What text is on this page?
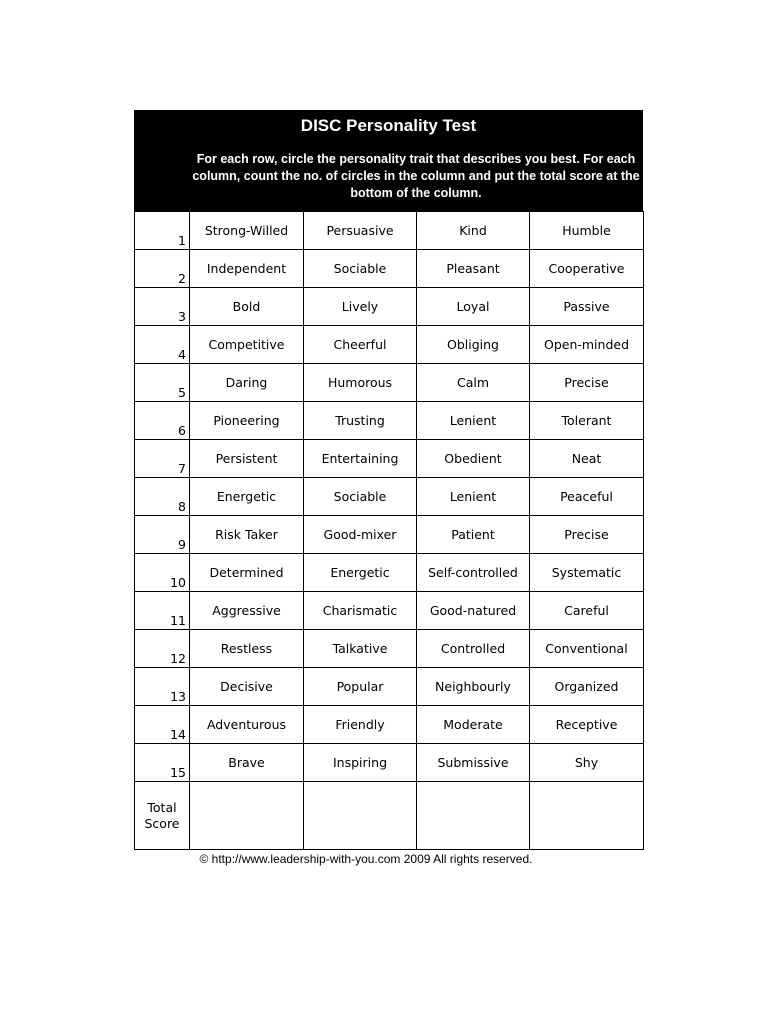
DISC Personality Test
For each row, circle the personality trait that describes you best. For each column, count the no. of circles in the column and put the total score at the bottom of the column.
1	Strong-Willed	Persuasive	Kind	Humble
2	Independent	Sociable	Pleasant	Cooperative
3	Bold	Lively	Loyal	Passive
4	Competitive	Cheerful	Obliging	Open-minded
5	Daring	Humorous	Calm	Precise
6	Pioneering	Trusting	Lenient	Tolerant
7	Persistent	Entertaining	Obedient	Neat
8	Energetic	Sociable	Lenient	Peaceful
9	Risk Taker	Good-mixer	Patient	Precise
10	Determined	Energetic	Self-controlled	Systematic
11	Aggressive	Charismatic	Good-natured	Careful
12	Restless	Talkative	Controlled	Conventional
13	Decisive	Popular	Neighbourly	Organized
14	Adventurous	Friendly	Moderate	Receptive
15	Brave	Inspiring	Submissive	Shy
Total
Score				
© http://www.leadership-with-you.com 2009 All rights reserved.
